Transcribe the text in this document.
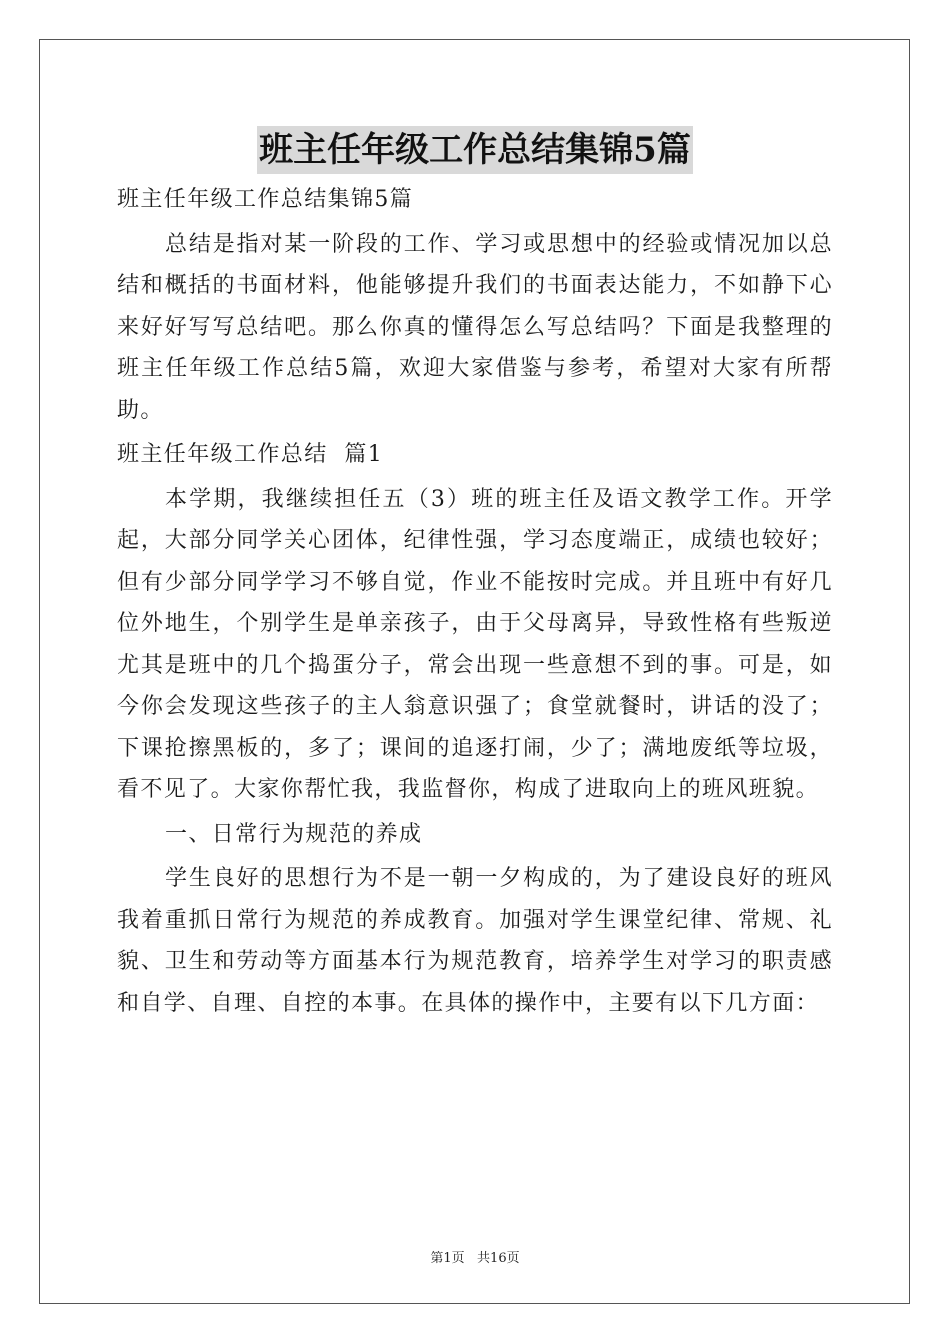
班主任年级工作总结集锦5篇

班主任年级工作总结集锦5篇

总结是指对某一阶段的工作、学习或思想中的经验或情况加以总结和概括的书面材料，他能够提升我们的书面表达能力，不如静下心来好好写写总结吧。那么你真的懂得怎么写总结吗？下面是我整理的班主任年级工作总结5篇，欢迎大家借鉴与参考，希望对大家有所帮助。

班主任年级工作总结  篇1

本学期，我继续担任五（3）班的班主任及语文教学工作。开学起，大部分同学关心团体，纪律性强，学习态度端正，成绩也较好；但有少部分同学学习不够自觉，作业不能按时完成。并且班中有好几位外地生，个别学生是单亲孩子，由于父母离异，导致性格有些叛逆尤其是班中的几个捣蛋分子，常会出现一些意想不到的事。可是，如今你会发现这些孩子的主人翁意识强了；食堂就餐时，讲话的没了；下课抢擦黑板的，多了；课间的追逐打闹，少了；满地废纸等垃圾，看不见了。大家你帮忙我，我监督你，构成了进取向上的班风班貌。

一、日常行为规范的养成

学生良好的思想行为不是一朝一夕构成的，为了建设良好的班风我着重抓日常行为规范的养成教育。加强对学生课堂纪律、常规、礼貌、卫生和劳动等方面基本行为规范教育，培养学生对学习的职责感和自学、自理、自控的本事。在具体的操作中，主要有以下几方面：

第1页   共16页
